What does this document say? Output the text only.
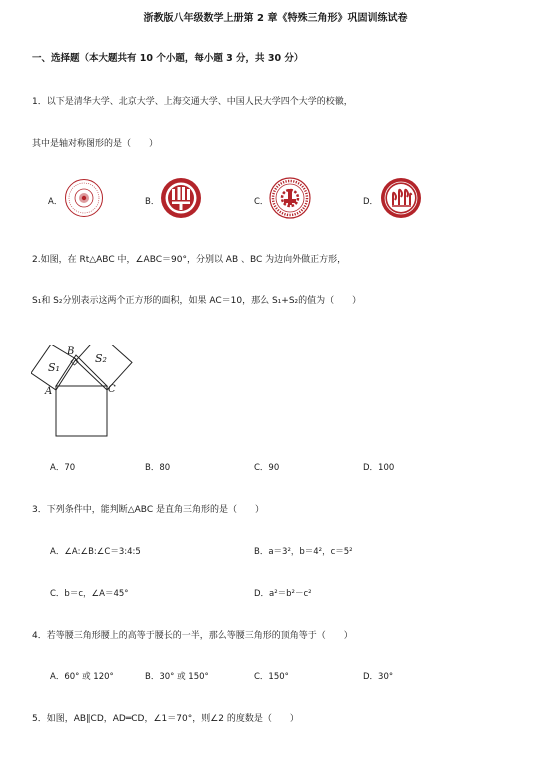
浙教版八年级数学上册第 2 章《特殊三角形》巩固训练试卷
一、选择题（本大题共有 10 个小题，每小题 3 分，共 30 分）
1．以下是清华大学、北京大学、上海交通大学、中国人民大学四个大学的校徽，
其中是轴对称图形的是（　　）
A．	B．	C．	D．
2.如图，在 Rt△ABC 中，∠ABC＝90°，分别以 AB 、BC 为边向外做正方形，
S₁和 S₂分别表示这两个正方形的面积，如果 AC＝10，那么 S₁+S₂的值为（　　）
S₁
S₂
A
B
C
A．70	B．80	C．90	D．100
3．下列条件中，能判断△ABC 是直角三角形的是（　　）
A．∠A:∠B:∠C＝3:4:5	B．a＝3²，b＝4²，c＝5²
C．b＝c，∠A＝45°	D．a²＝b²－c²
4．若等腰三角形腰上的高等于腰长的一半，那么等腰三角形的顶角等于（　　）
A．60° 或 120°	B．30° 或 150°	C．150°	D．30°
5．如图，AB∥CD，AD═CD，∠1＝70°，则∠2 的度数是（　　）
